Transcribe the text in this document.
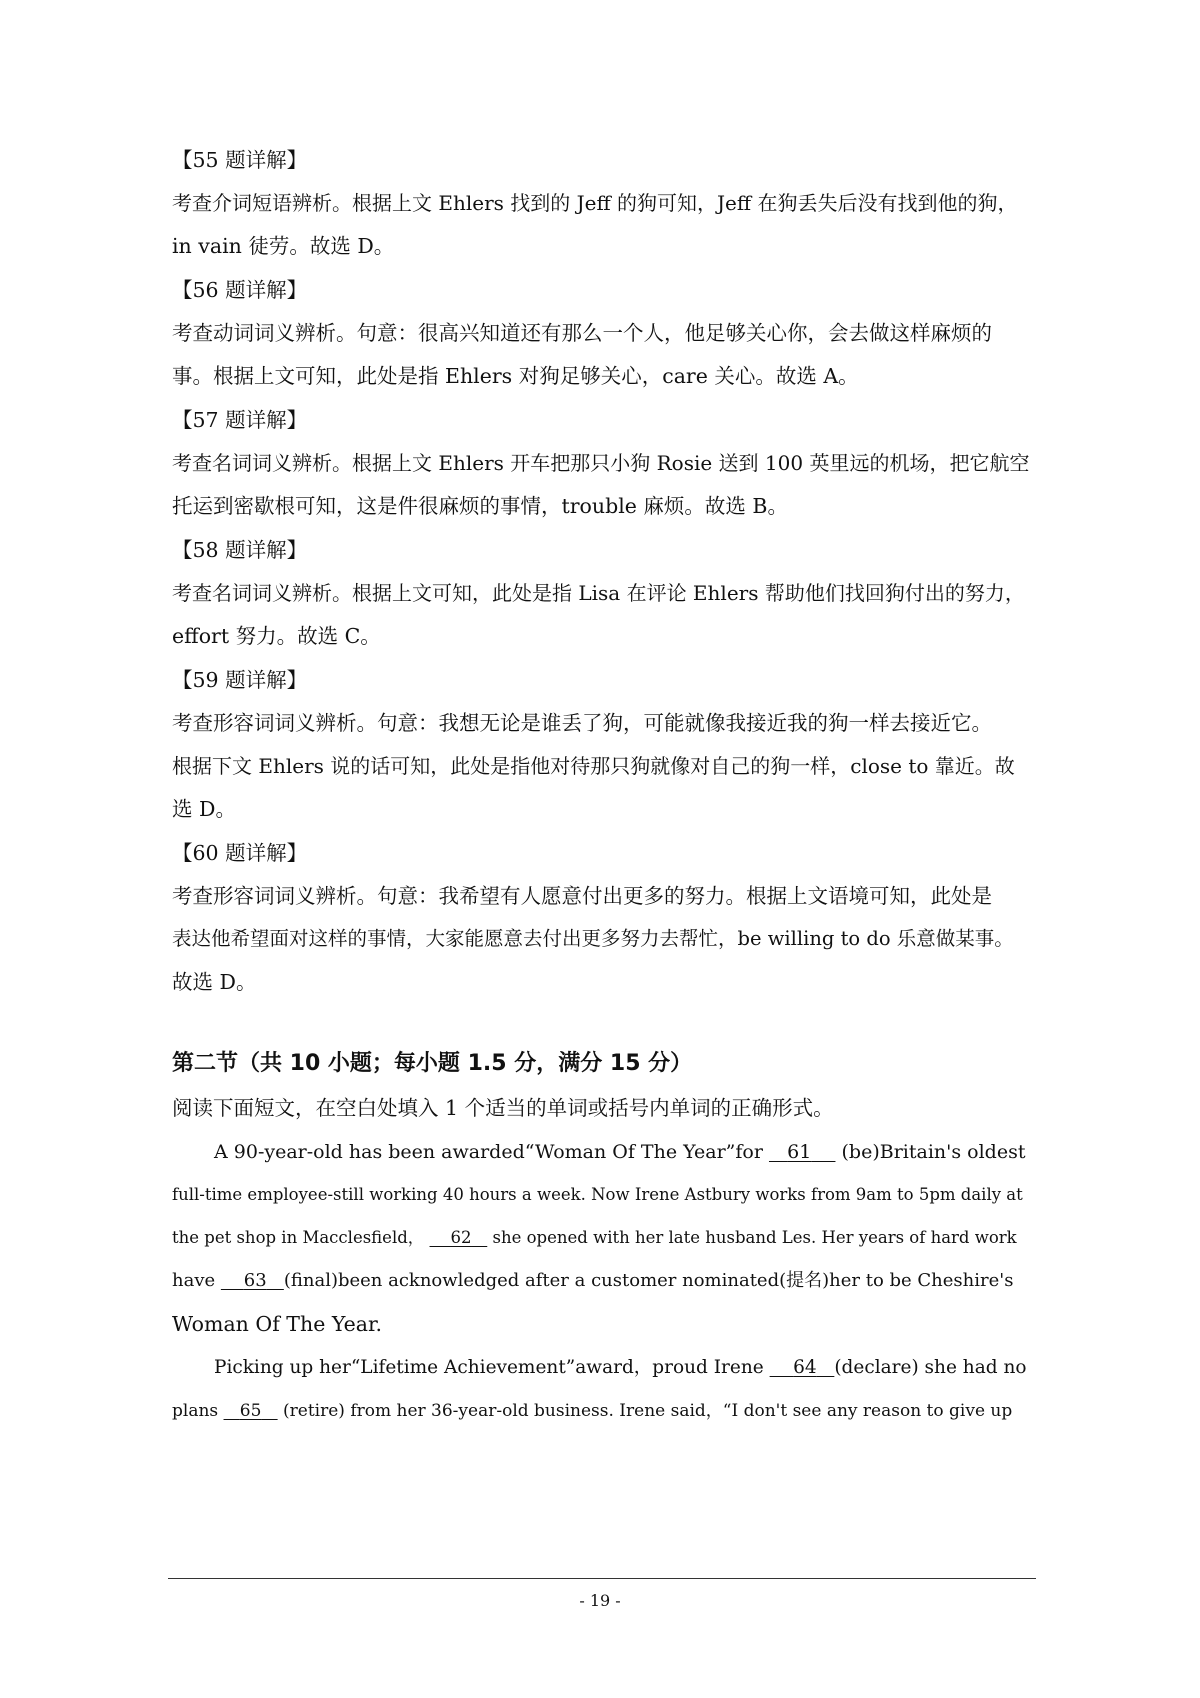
【55 题详解】
考查介词短语辨析。根据上文 Ehlers 找到的 Jeff 的狗可知，Jeff 在狗丢失后没有找到他的狗，
in vain 徒劳。故选 D。
【56 题详解】
考查动词词义辨析。句意：很高兴知道还有那么一个人，他足够关心你，会去做这样麻烦的
事。根据上文可知，此处是指 Ehlers 对狗足够关心，care 关心。故选 A。
【57 题详解】
考查名词词义辨析。根据上文 Ehlers 开车把那只小狗 Rosie 送到 100 英里远的机场，把它航空
托运到密歇根可知，这是件很麻烦的事情，trouble 麻烦。故选 B。
【58 题详解】
考查名词词义辨析。根据上文可知，此处是指 Lisa 在评论 Ehlers 帮助他们找回狗付出的努力，
effort 努力。故选 C。
【59 题详解】
考查形容词词义辨析。句意：我想无论是谁丢了狗，可能就像我接近我的狗一样去接近它。
根据下文 Ehlers 说的话可知，此处是指他对待那只狗就像对自己的狗一样，close to 靠近。故
选 D。
【60 题详解】
考查形容词词义辨析。句意：我希望有人愿意付出更多的努力。根据上文语境可知，此处是
表达他希望面对这样的事情，大家能愿意去付出更多努力去帮忙，be willing to do 乐意做某事。
故选 D。
第二节（共 10 小题；每小题 1.5 分，满分 15 分）
阅读下面短文，在空白处填入 1 个适当的单词或括号内单词的正确形式。
A 90-year-old has been awarded“Woman Of The Year”for    61     (be)Britain's oldest
full-time employee-still working 40 hours a week. Now Irene Astbury works from 9am to 5pm daily at
the pet shop in Macclesfield，     62    she opened with her late husband Les. Her years of hard work
have     63 (final)been acknowledged after a customer nominated(提名)her to be Cheshire's
Woman Of The Year.
Picking up her“Lifetime Achievement”award，proud Irene     64 (declare) she had no
plans    65    (retire) from her 36-year-old business. Irene said，“I don't see any reason to give up
- 19 -
